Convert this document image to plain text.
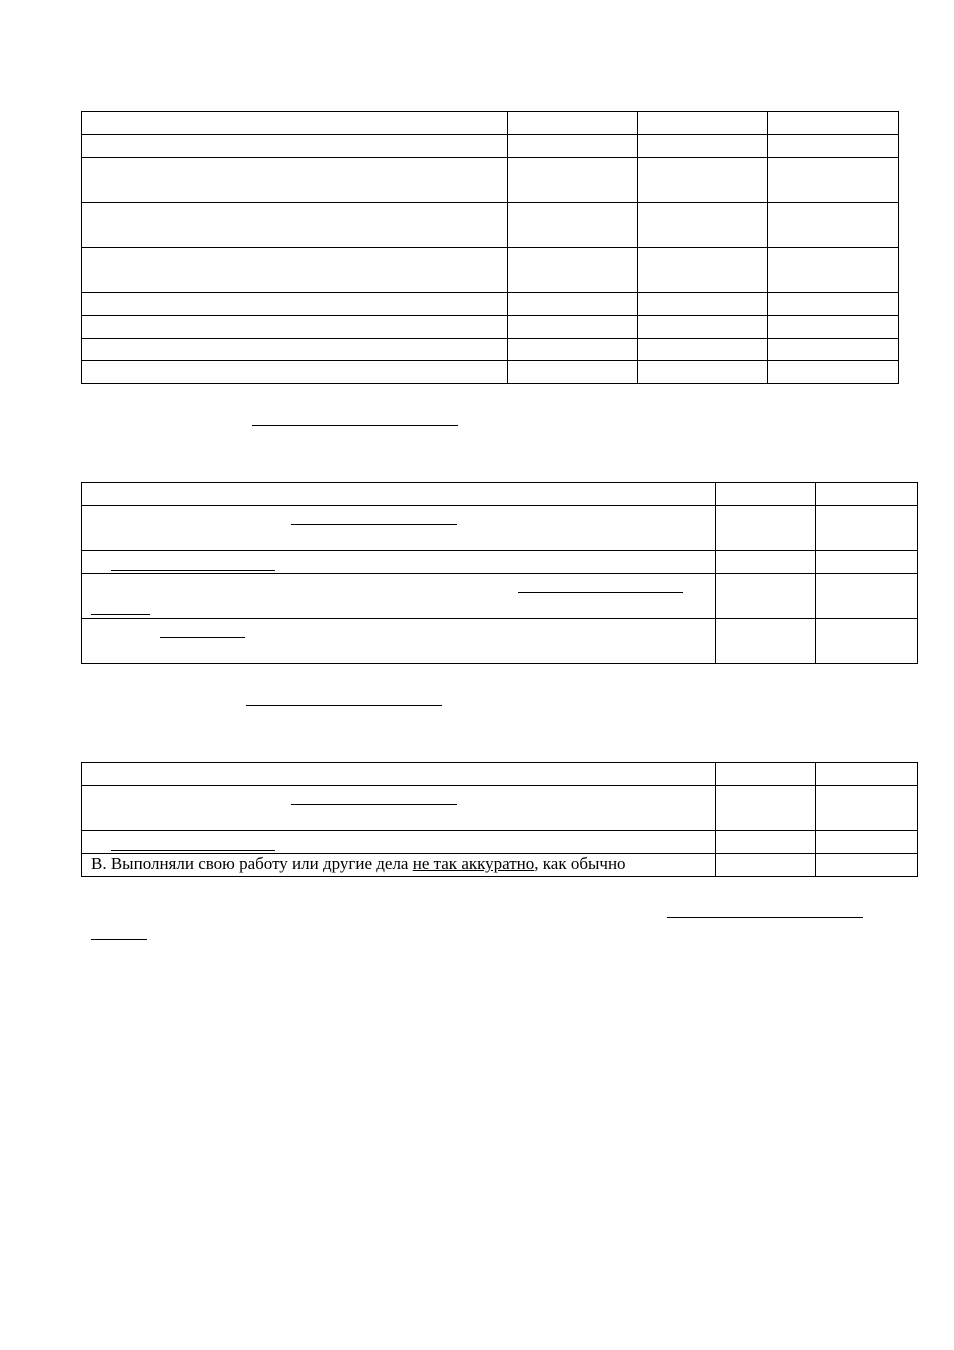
В. Выполняли свою работу или другие дела не так аккуратно, как обычно		
